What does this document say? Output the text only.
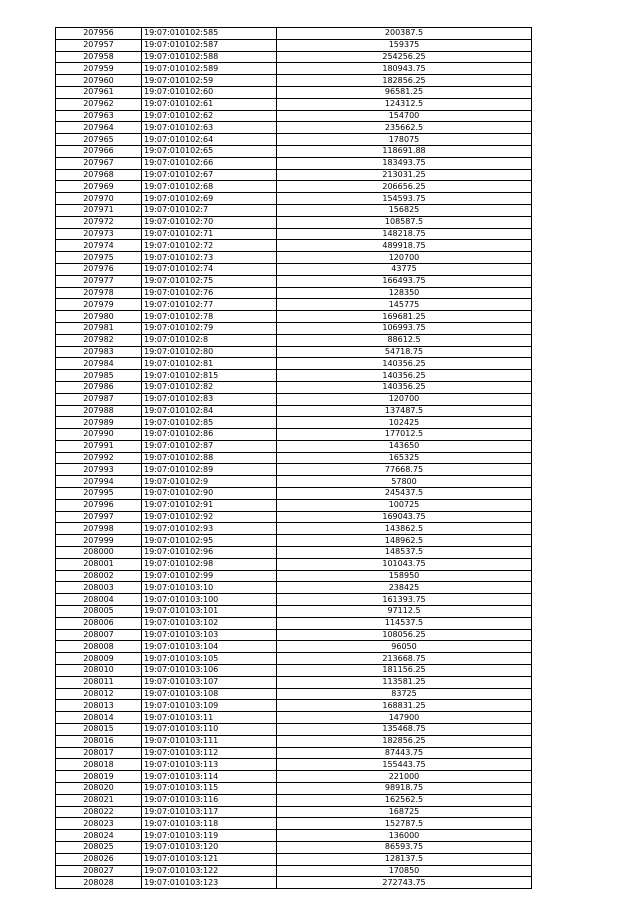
207956	19:07:010102:585	200387.5
207957	19:07:010102:587	159375
207958	19:07:010102:588	254256.25
207959	19:07:010102:589	180943.75
207960	19:07:010102:59	182856.25
207961	19:07:010102:60	96581.25
207962	19:07:010102:61	124312.5
207963	19:07:010102:62	154700
207964	19:07:010102:63	235662.5
207965	19:07:010102:64	178075
207966	19:07:010102:65	118691.88
207967	19:07:010102:66	183493.75
207968	19:07:010102:67	213031.25
207969	19:07:010102:68	206656.25
207970	19:07:010102:69	154593.75
207971	19:07:010102:7	156825
207972	19:07:010102:70	108587.5
207973	19:07:010102:71	148218.75
207974	19:07:010102:72	489918.75
207975	19:07:010102:73	120700
207976	19:07:010102:74	43775
207977	19:07:010102:75	166493.75
207978	19:07:010102:76	128350
207979	19:07:010102:77	145775
207980	19:07:010102:78	169681.25
207981	19:07:010102:79	106993.75
207982	19:07:010102:8	88612.5
207983	19:07:010102:80	54718.75
207984	19:07:010102:81	140356.25
207985	19:07:010102:815	140356.25
207986	19:07:010102:82	140356.25
207987	19:07:010102:83	120700
207988	19:07:010102:84	137487.5
207989	19:07:010102:85	102425
207990	19:07:010102:86	177012.5
207991	19:07:010102:87	143650
207992	19:07:010102:88	165325
207993	19:07:010102:89	77668.75
207994	19:07:010102:9	57800
207995	19:07:010102:90	245437.5
207996	19:07:010102:91	100725
207997	19:07:010102:92	169043.75
207998	19:07:010102:93	143862.5
207999	19:07:010102:95	148962.5
208000	19:07:010102:96	148537.5
208001	19:07:010102:98	101043.75
208002	19:07:010102:99	158950
208003	19:07:010103:10	238425
208004	19:07:010103:100	161393.75
208005	19:07:010103:101	97112.5
208006	19:07:010103:102	114537.5
208007	19:07:010103:103	108056.25
208008	19:07:010103:104	96050
208009	19:07:010103:105	213668.75
208010	19:07:010103:106	181156.25
208011	19:07:010103:107	113581.25
208012	19:07:010103:108	83725
208013	19:07:010103:109	168831.25
208014	19:07:010103:11	147900
208015	19:07:010103:110	135468.75
208016	19:07:010103:111	182856.25
208017	19:07:010103:112	87443.75
208018	19:07:010103:113	155443.75
208019	19:07:010103:114	221000
208020	19:07:010103:115	98918.75
208021	19:07:010103:116	162562.5
208022	19:07:010103:117	168725
208023	19:07:010103:118	152787.5
208024	19:07:010103:119	136000
208025	19:07:010103:120	86593.75
208026	19:07:010103:121	128137.5
208027	19:07:010103:122	170850
208028	19:07:010103:123	272743.75
